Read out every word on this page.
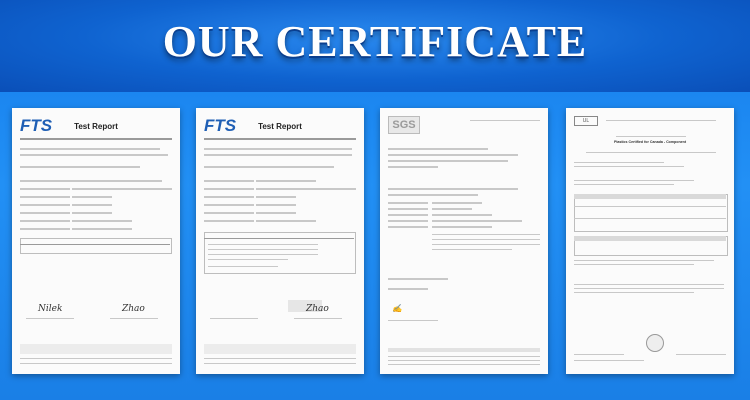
OUR CERTIFICATE
FTS	Test Report
Nilek	Zhao
FTS	Test Report
Zhao
SGS
✍
UL
Plastics Certified for Canada - Component
